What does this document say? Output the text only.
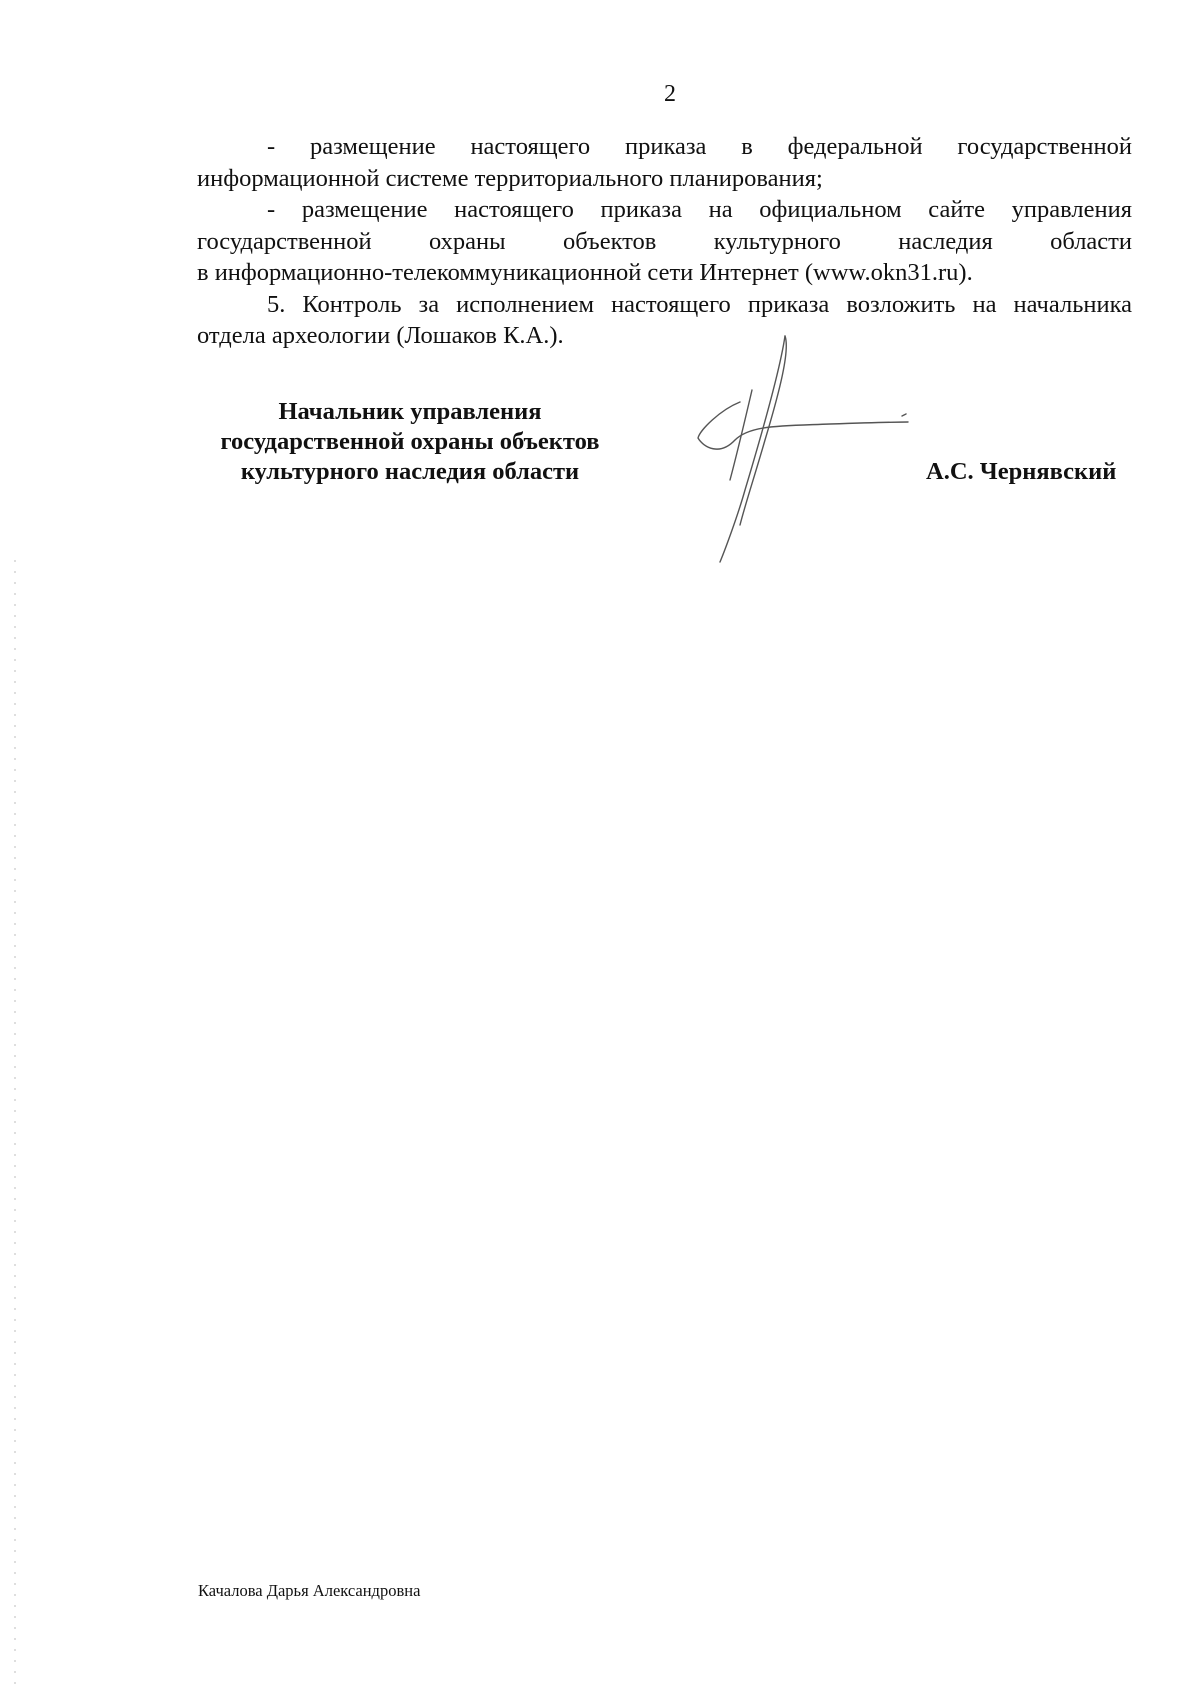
2

- размещение настоящего приказа в федеральной государственной

информационной системе территориального планирования;

- размещение настоящего приказа на официальном сайте управления

государственной охраны объектов культурного наследия области

в информационно-телекоммуникационной сети Интернет (www.okn31.ru).

5. Контроль за исполнением настоящего приказа возложить на начальника

отдела археологии (Лошаков К.А.).

Начальник управления
государственной охраны объектов
культурного наследия области	А.С. Чернявский
Качалова Дарья Александровна
